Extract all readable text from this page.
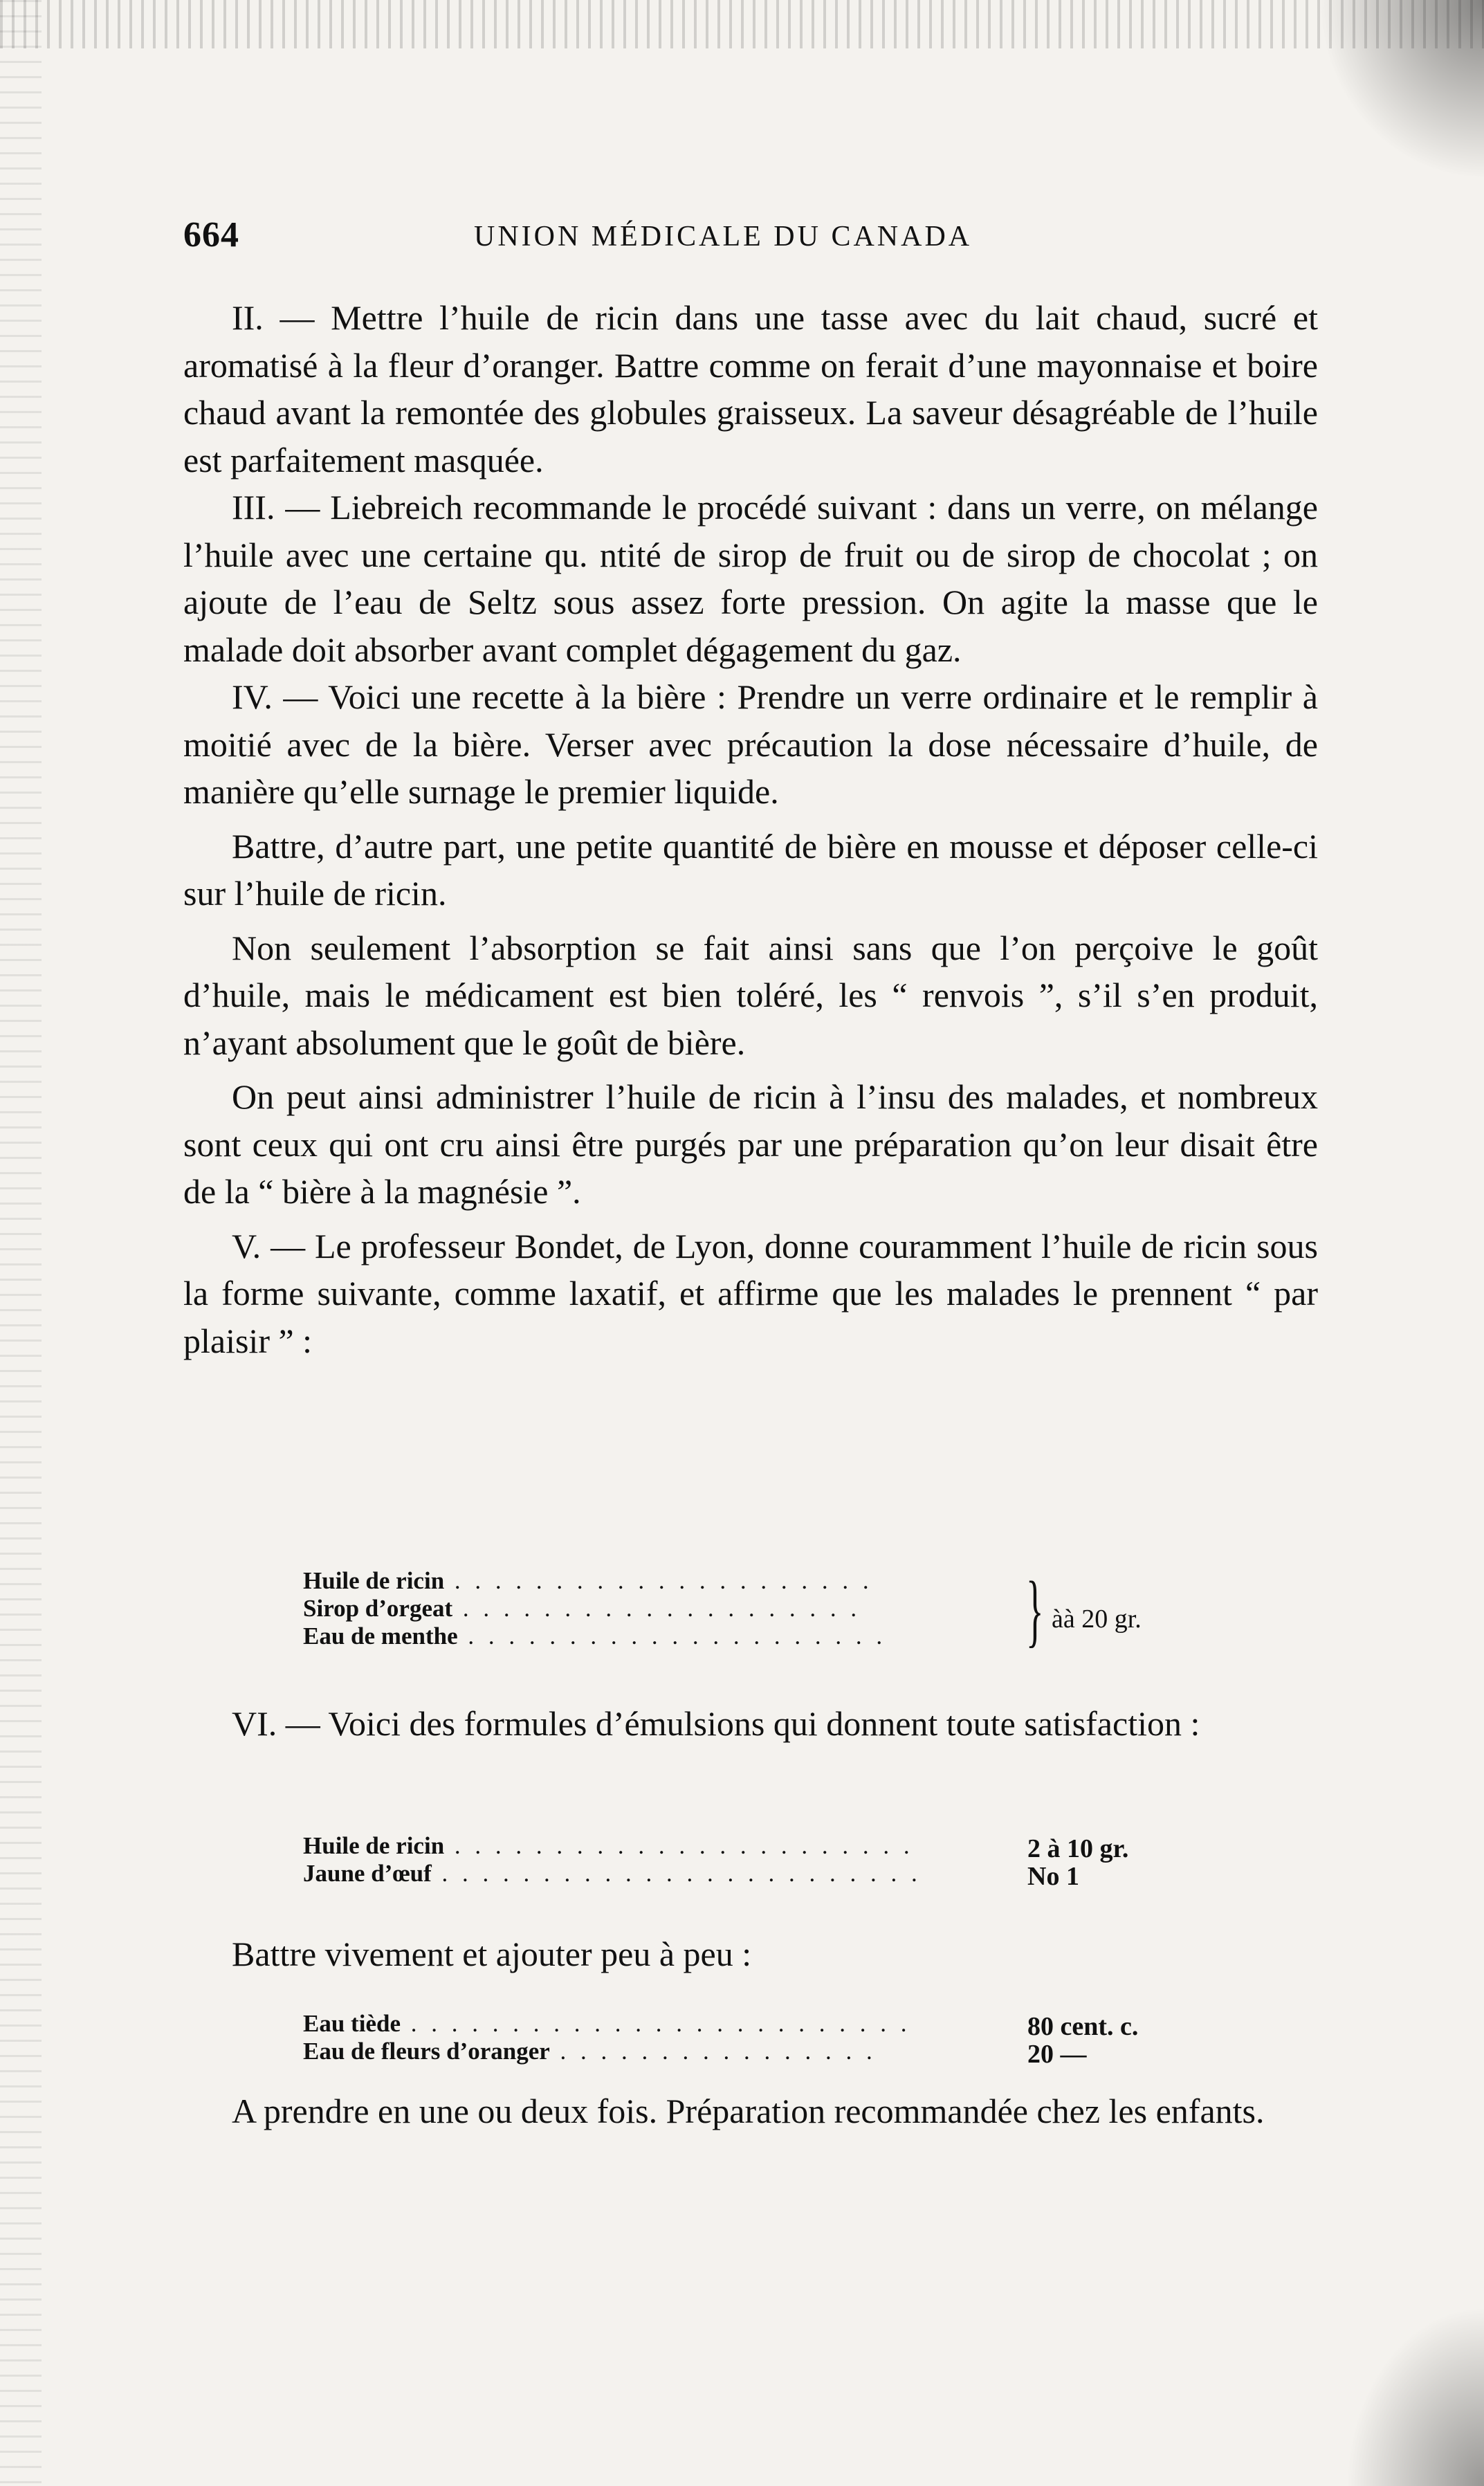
664	UNION MÉDICALE DU CANADA

II. — Mettre l’huile de ricin dans une tasse avec du lait chaud, sucré et aromatisé à la fleur d’oranger. Battre comme on ferait d’une mayonnaise et boire chaud avant la remontée des globules graisseux. La saveur désagréable de l’huile est parfaitement masquée.

III. — Liebreich recommande le procédé suivant : dans un verre, on mélange l’huile avec une certaine qu. ntité de sirop de fruit ou de sirop de chocolat ; on ajoute de l’eau de Seltz sous assez forte pression. On agite la masse que le malade doit absorber avant complet dégagement du gaz.

IV. — Voici une recette à la bière : Prendre un verre ordinaire et le remplir à moitié avec de la bière. Verser avec précaution la dose nécessaire d’huile, de manière qu’elle surnage le premier liquide.

Battre, d’autre part, une petite quantité de bière en mousse et déposer celle-ci sur l’huile de ricin.

Non seulement l’absorption se fait ainsi sans que l’on perçoive le goût d’huile, mais le médicament est bien toléré, les “ renvois ”, s’il s’en produit, n’ayant absolument que le goût de bière.

On peut ainsi administrer l’huile de ricin à l’insu des malades, et nombreux sont ceux qui ont cru ainsi être purgés par une préparation qu’on leur disait être de la “ bière à la magnésie ”.

V. — Le professeur Bondet, de Lyon, donne couramment l’huile de ricin sous la forme suivante, comme laxatif, et affirme que les malades le prennent “ par plaisir ” :

Huile de ricin . . . . . . . . . . . . . . . . . . . . .
Sirop d’orgeat . . . . . . . . . . . . . . . . . . . .
Eau de menthe . . . . . . . . . . . . . . . . . . . . . } àà 20 gr.

VI. — Voici des formules d’émulsions qui donnent toute satisfaction :

Huile de ricin . . . . . . . . . . . . . . . . . . . . . . .
Jaune d’œuf . . . . . . . . . . . . . . . . . . . . . . . .
2 à 10 gr.
No 1
Battre vivement et ajouter peu à peu :
Eau tiède . . . . . . . . . . . . . . . . . . . . . . . . .
Eau de fleurs d’oranger . . . . . . . . . . . . . . . .
80 cent. c.
20 —

A prendre en une ou deux fois. Préparation recommandée chez les enfants.
